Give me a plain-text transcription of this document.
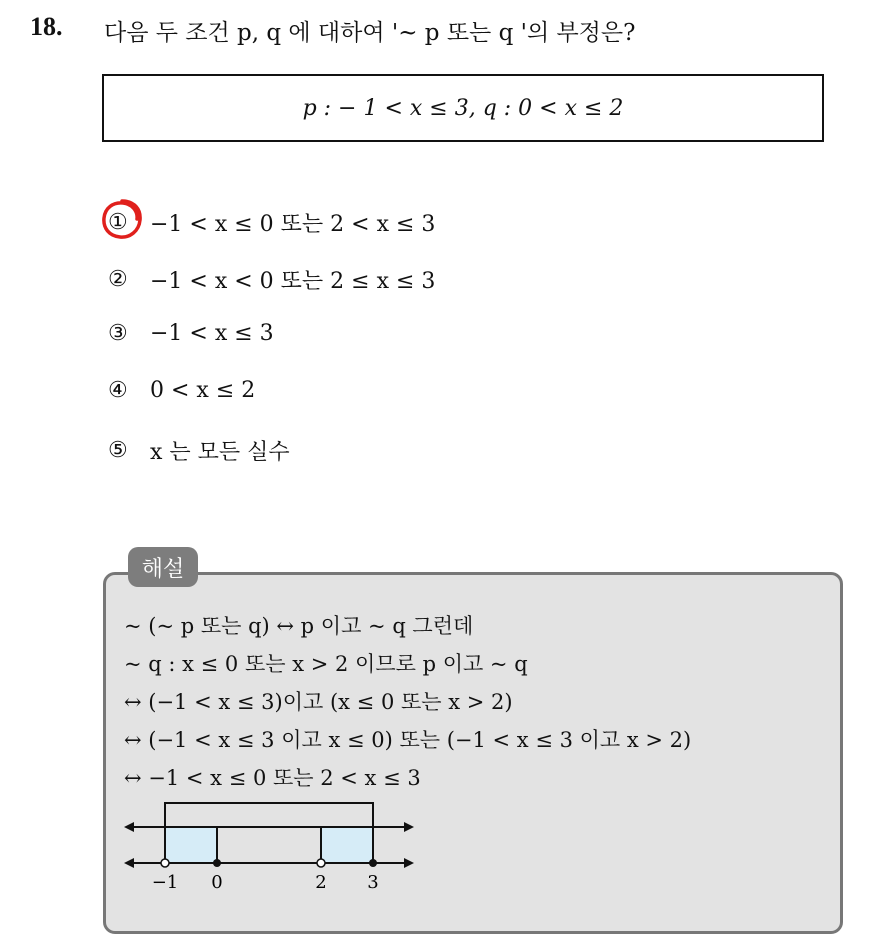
18. 다음 두 조건 p, q 에 대하여 '~ p 또는 q '의 부정은?
p : − 1 < x ≤ 3, q : 0 < x ≤ 2
①	−1 < x ≤ 0 또는 2 < x ≤ 3
②	−1 < x < 0 또는 2 ≤ x ≤ 3
③	−1 < x ≤ 3
④	0 < x ≤ 2
⑤	x 는 모든 실수
해설
~ (~ p 또는 q) ↔ p 이고 ~ q 그런데
~ q : x ≤ 0 또는 x > 2 이므로 p 이고 ~ q
↔ (−1 < x ≤ 3)이고 (x ≤ 0 또는 x > 2)
↔ (−1 < x ≤ 3 이고 x ≤ 0) 또는 (−1 < x ≤ 3 이고 x > 2)
↔ −1 < x ≤ 0 또는 2 < x ≤ 3
−1 0	2 3
